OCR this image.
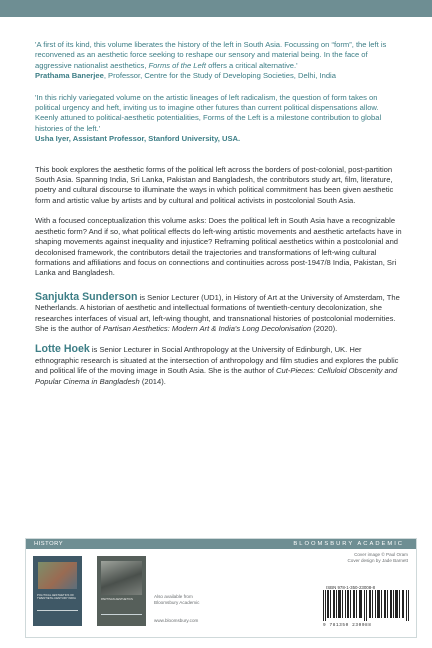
'A first of its kind, this volume liberates the history of the left in South Asia. Focussing on “form”, the left is reconvened as an aesthetic force seeking to reshape our sensory and material being. In the face of aggressive nationalist aesthetics, Forms of the Left offers a critical alternative.'
Prathama Banerjee, Professor, Centre for the Study of Developing Societies, Delhi, India

'In this richly variegated volume on the artistic lineages of left radicalism, the question of form takes on political urgency and heft, inviting us to imagine other futures than current political dispensations allow. Keenly attuned to political-aesthetic potentialities, Forms of the Left is a milestone contribution to global histories of the left.'
Usha Iyer, Assistant Professor, Stanford University, USA.

This book explores the aesthetic forms of the political left across the borders of post-colonial, post-partition South Asia. Spanning India, Sri Lanka, Pakistan and Bangladesh, the contributors study art, film, literature, poetry and cultural discourse to illuminate the ways in which political commitment has been given aesthetic form and artistic value by artists and by cultural and political activists in postcolonial South Asia.

With a focused conceptualization this volume asks: Does the political left in South Asia have a recognizable aesthetic form? And if so, what political effects do left-wing artistic movements and aesthetic artefacts have in shaping movements against inequality and injustice? Reframing political aesthetics within a postcolonial and decolonised framework, the contributors detail the trajectories and transformations of left-wing cultural formations and affiliations and focus on connections and continuities across post-1947/8 India, Pakistan, Sri Lanka and Bangladesh.

Sanjukta Sunderson is Senior Lecturer (UD1), in History of Art at the University of Amsterdam, The Netherlands. A historian of aesthetic and intellectual formations of twentieth-century decolonization, she researches interfaces of visual art, left-wing thought, and transnational histories of postcolonial modernities. She is the author of Partisan Aesthetics: Modern Art & India's Long Decolonisation (2020).

Lotte Hoek is Senior Lecturer in Social Anthropology at the University of Edinburgh, UK. Her ethnographic research is situated at the intersection of anthropology and film studies and explores the public and political life of the moving image in South Asia. She is the author of Cut-Pieces: Celluloid Obscenity and Popular Cinema in Bangladesh (2014).

HISTORY	BLOOMSBURY ACADEMIC
POLITICAL AESTHETICS OF TWENTIETH-CENTURY INDIA	PARTISAN AESTHETICS	Also available from
Bloomsbury Academic
www.bloomsbury.com
Cover image © Paul Oram
Cover design by Jade Barnett
ISBN 978-1-350-23008-8
9 781350 230088
